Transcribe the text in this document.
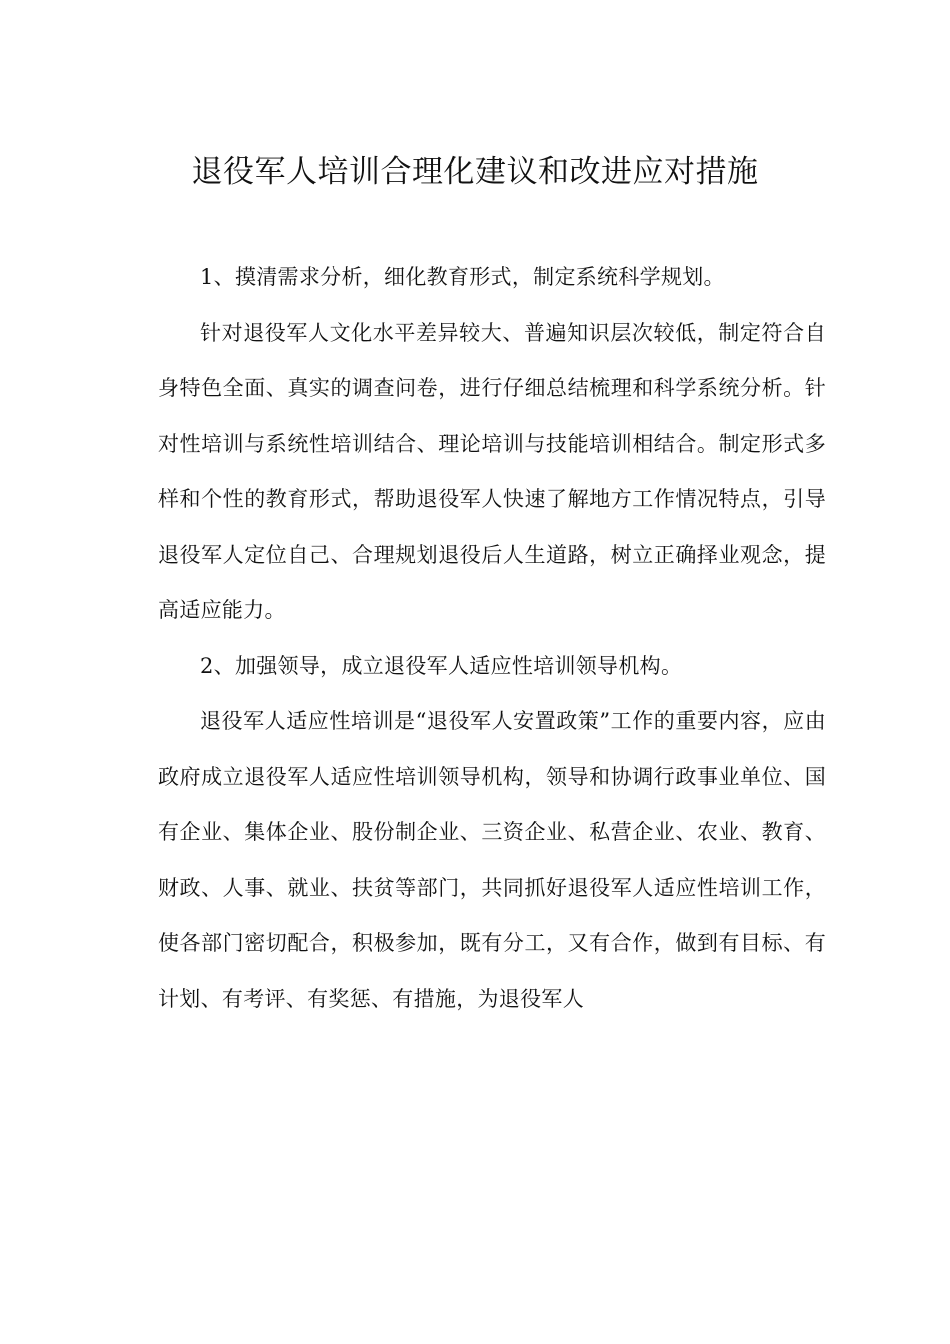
退役军人培训合理化建议和改进应对措施

1、摸清需求分析，细化教育形式，制定系统科学规划。

针对退役军人文化水平差异较大、普遍知识层次较低，制定符合自身特色全面、真实的调查问卷，进行仔细总结梳理和科学系统分析。针对性培训与系统性培训结合、理论培训与技能培训相结合。制定形式多样和个性的教育形式，帮助退役军人快速了解地方工作情况特点，引导退役军人定位自己、合理规划退役后人生道路，树立正确择业观念，提高适应能力。

2、加强领导，成立退役军人适应性培训领导机构。

退役军人适应性培训是“退役军人安置政策”工作的重要内容，应由政府成立退役军人适应性培训领导机构，领导和协调行政事业单位、国有企业、集体企业、股份制企业、三资企业、私营企业、农业、教育、财政、人事、就业、扶贫等部门，共同抓好退役军人适应性培训工作，使各部门密切配合，积极参加，既有分工，又有合作，做到有目标、有计划、有考评、有奖惩、有措施，为退役军人
